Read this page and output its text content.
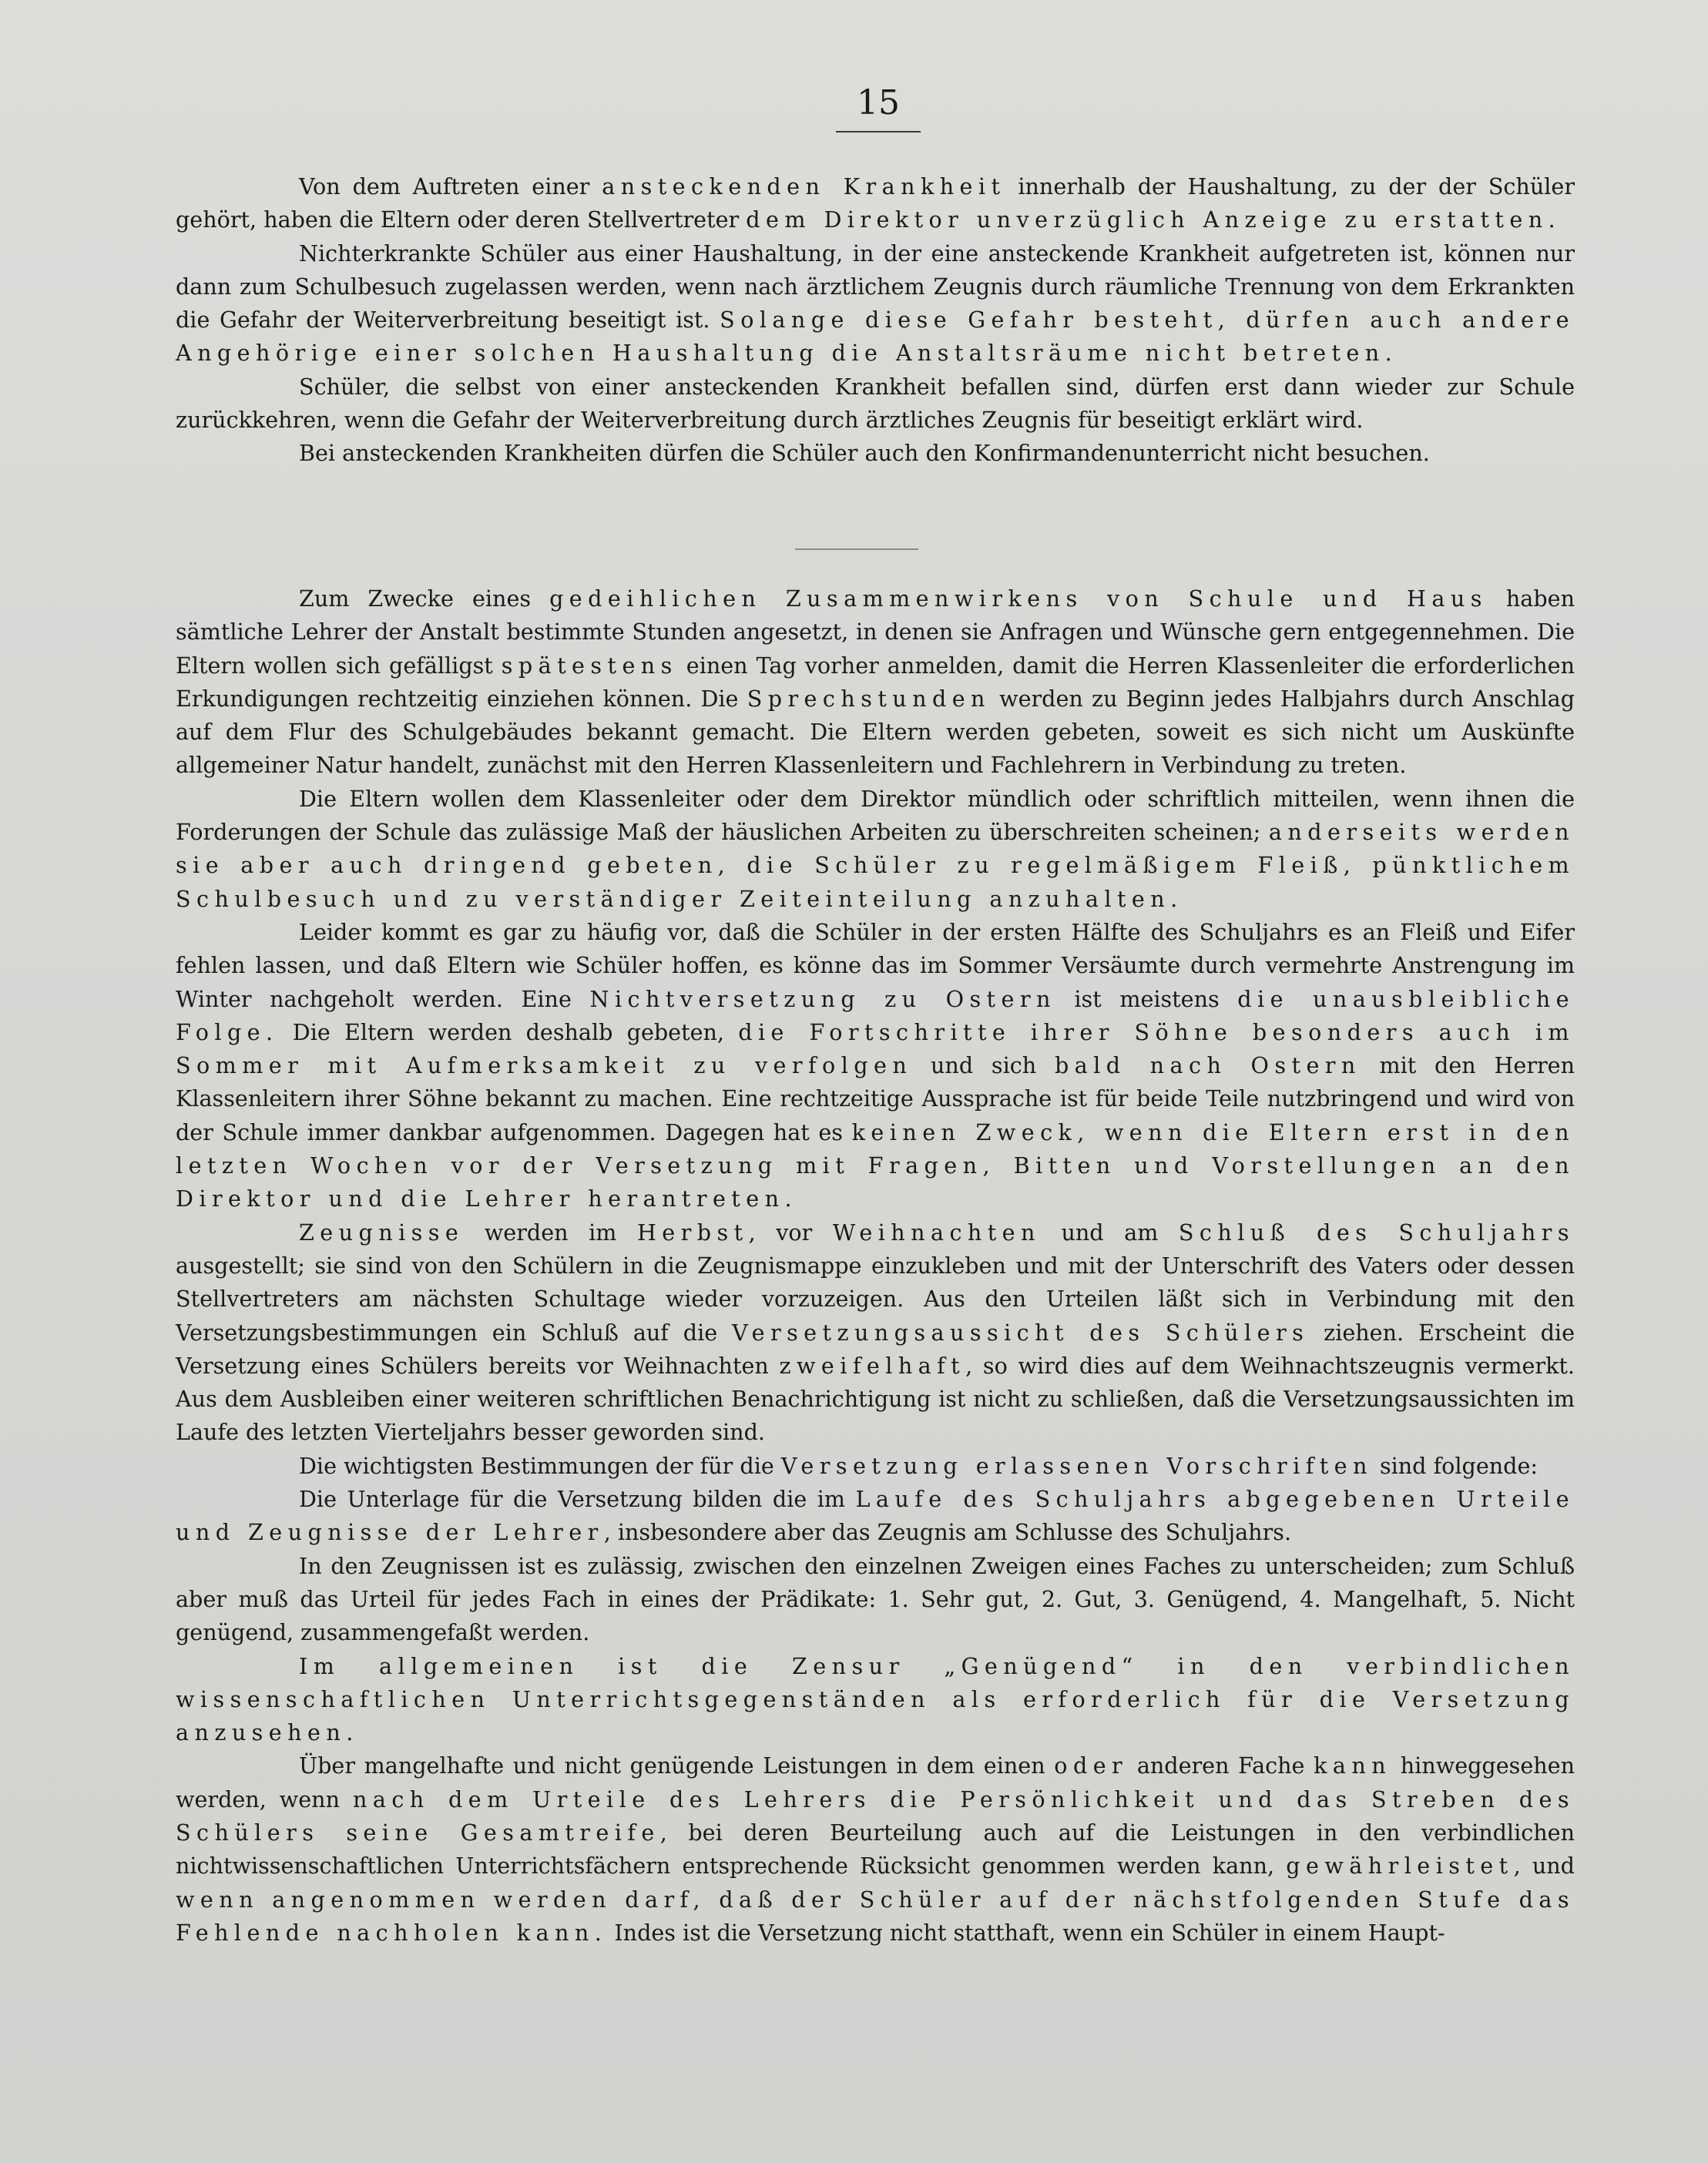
15

Von dem Auftreten einer ansteckenden Krankheit innerhalb der Haushaltung, zu der der Schüler gehört, haben die Eltern oder deren Stellvertreter dem Direktor unverzüglich Anzeige zu erstatten.

Nichterkrankte Schüler aus einer Haushaltung, in der eine ansteckende Krankheit aufgetreten ist, können nur dann zum Schulbesuch zugelassen werden, wenn nach ärztlichem Zeugnis durch räumliche Trennung von dem Erkrankten die Gefahr der Weiterverbreitung beseitigt ist. Solange diese Gefahr besteht, dürfen auch andere Angehörige einer solchen Haushaltung die Anstaltsräume nicht betreten.

Schüler, die selbst von einer ansteckenden Krankheit befallen sind, dürfen erst dann wieder zur Schule zurückkehren, wenn die Gefahr der Weiterverbreitung durch ärztliches Zeugnis für beseitigt erklärt wird.

Bei ansteckenden Krankheiten dürfen die Schüler auch den Konfirmandenunterricht nicht besuchen.

Zum Zwecke eines gedeihlichen Zusammenwirkens von Schule und Haus haben sämtliche Lehrer der Anstalt bestimmte Stunden angesetzt, in denen sie Anfragen und Wünsche gern entgegennehmen. Die Eltern wollen sich gefälligst spätestens einen Tag vorher anmelden, damit die Herren Klassenleiter die erforderlichen Erkundigungen rechtzeitig einziehen können. Die Sprechstunden werden zu Beginn jedes Halbjahrs durch Anschlag auf dem Flur des Schulgebäudes bekannt gemacht. Die Eltern werden gebeten, soweit es sich nicht um Auskünfte allgemeiner Natur handelt, zunächst mit den Herren Klassenleitern und Fachlehrern in Verbindung zu treten.

Die Eltern wollen dem Klassenleiter oder dem Direktor mündlich oder schriftlich mitteilen, wenn ihnen die Forderungen der Schule das zulässige Maß der häuslichen Arbeiten zu überschreiten scheinen; anderseits werden sie aber auch dringend gebeten, die Schüler zu regelmäßigem Fleiß, pünktlichem Schulbesuch und zu verständiger Zeiteinteilung anzuhalten.

Leider kommt es gar zu häufig vor, daß die Schüler in der ersten Hälfte des Schuljahrs es an Fleiß und Eifer fehlen lassen, und daß Eltern wie Schüler hoffen, es könne das im Sommer Versäumte durch vermehrte Anstrengung im Winter nachgeholt werden. Eine Nichtversetzung zu Ostern ist meistens die unausbleibliche Folge. Die Eltern werden deshalb gebeten, die Fortschritte ihrer Söhne besonders auch im Sommer mit Aufmerksamkeit zu verfolgen und sich bald nach Ostern mit den Herren Klassenleitern ihrer Söhne bekannt zu machen. Eine rechtzeitige Aussprache ist für beide Teile nutzbringend und wird von der Schule immer dankbar aufgenommen. Dagegen hat es keinen Zweck, wenn die Eltern erst in den letzten Wochen vor der Versetzung mit Fragen, Bitten und Vorstellungen an den Direktor und die Lehrer herantreten.

Zeugnisse werden im Herbst, vor Weihnachten und am Schluß des Schuljahrs ausgestellt; sie sind von den Schülern in die Zeugnismappe einzukleben und mit der Unterschrift des Vaters oder dessen Stellvertreters am nächsten Schultage wieder vorzuzeigen. Aus den Urteilen läßt sich in Verbindung mit den Versetzungsbestimmungen ein Schluß auf die Versetzungsaussicht des Schülers ziehen. Erscheint die Versetzung eines Schülers bereits vor Weihnachten zweifelhaft, so wird dies auf dem Weihnachtszeugnis vermerkt. Aus dem Ausbleiben einer weiteren schriftlichen Benachrichtigung ist nicht zu schließen, daß die Versetzungsaussichten im Laufe des letzten Vierteljahrs besser geworden sind.

Die wichtigsten Bestimmungen der für die Versetzung erlassenen Vorschriften sind folgende:

Die Unterlage für die Versetzung bilden die im Laufe des Schuljahrs abgegebenen Urteile und Zeugnisse der Lehrer, insbesondere aber das Zeugnis am Schlusse des Schuljahrs.

In den Zeugnissen ist es zulässig, zwischen den einzelnen Zweigen eines Faches zu unterscheiden; zum Schluß aber muß das Urteil für jedes Fach in eines der Prädikate: 1. Sehr gut, 2. Gut, 3. Genügend, 4. Mangelhaft, 5. Nicht genügend, zusammengefaßt werden.

Im allgemeinen ist die Zensur „Genügend“ in den verbindlichen wissenschaftlichen Unterrichtsgegenständen als erforderlich für die Versetzung anzusehen.

Über mangelhafte und nicht genügende Leistungen in dem einen oder anderen Fache kann hinweggesehen werden, wenn nach dem Urteile des Lehrers die Persönlichkeit und das Streben des Schülers seine Gesamtreife, bei deren Beurteilung auch auf die Leistungen in den verbindlichen nichtwissenschaftlichen Unterrichtsfächern entsprechende Rücksicht genommen werden kann, gewährleistet, und wenn angenommen werden darf, daß der Schüler auf der nächstfolgenden Stufe das Fehlende nachholen kann. Indes ist die Versetzung nicht statthaft, wenn ein Schüler in einem Haupt-
